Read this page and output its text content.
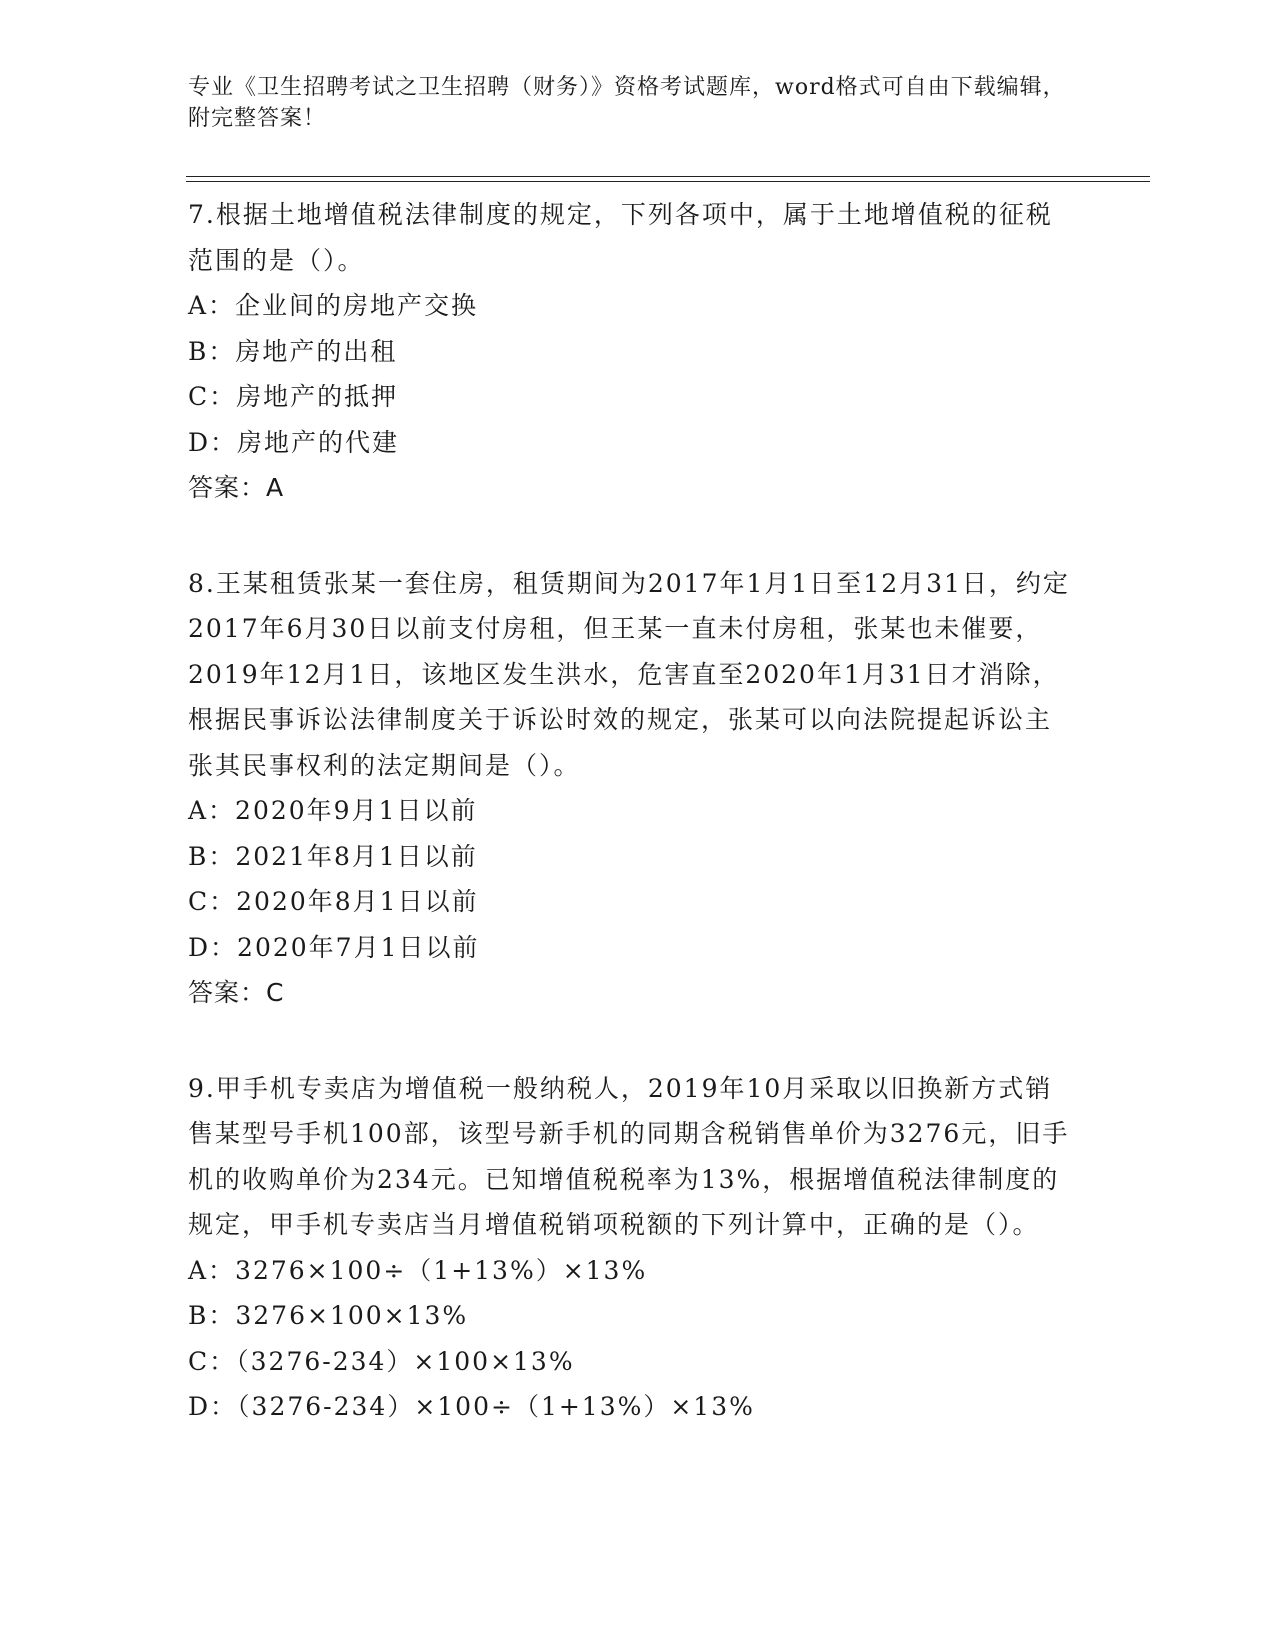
专业《卫生招聘考试之卫生招聘（财务）》资格考试题库，word格式可自由下载编辑，附完整答案！
7.根据土地增值税法律制度的规定，下列各项中，属于土地增值税的征税范围的是（）。
A：企业间的房地产交换
B：房地产的出租
C：房地产的抵押
D：房地产的代建
答案：A
8.王某租赁张某一套住房，租赁期间为2017年1月1日至12月31日，约定2017年6月30日以前支付房租，但王某一直未付房租，张某也未催要，2019年12月1日，该地区发生洪水，危害直至2020年1月31日才消除，根据民事诉讼法律制度关于诉讼时效的规定，张某可以向法院提起诉讼主张其民事权利的法定期间是（）。
A：2020年9月1日以前
B：2021年8月1日以前
C：2020年8月1日以前
D：2020年7月1日以前
答案：C
9.甲手机专卖店为增值税一般纳税人，2019年10月采取以旧换新方式销售某型号手机100部，该型号新手机的同期含税销售单价为3276元，旧手机的收购单价为234元。已知增值税税率为13%，根据增值税法律制度的规定，甲手机专卖店当月增值税销项税额的下列计算中，正确的是（）。
A：3276×100÷（1+13%）×13%
B：3276×100×13%
C：（3276-234）×100×13%
D：（3276-234）×100÷（1+13%）×13%
